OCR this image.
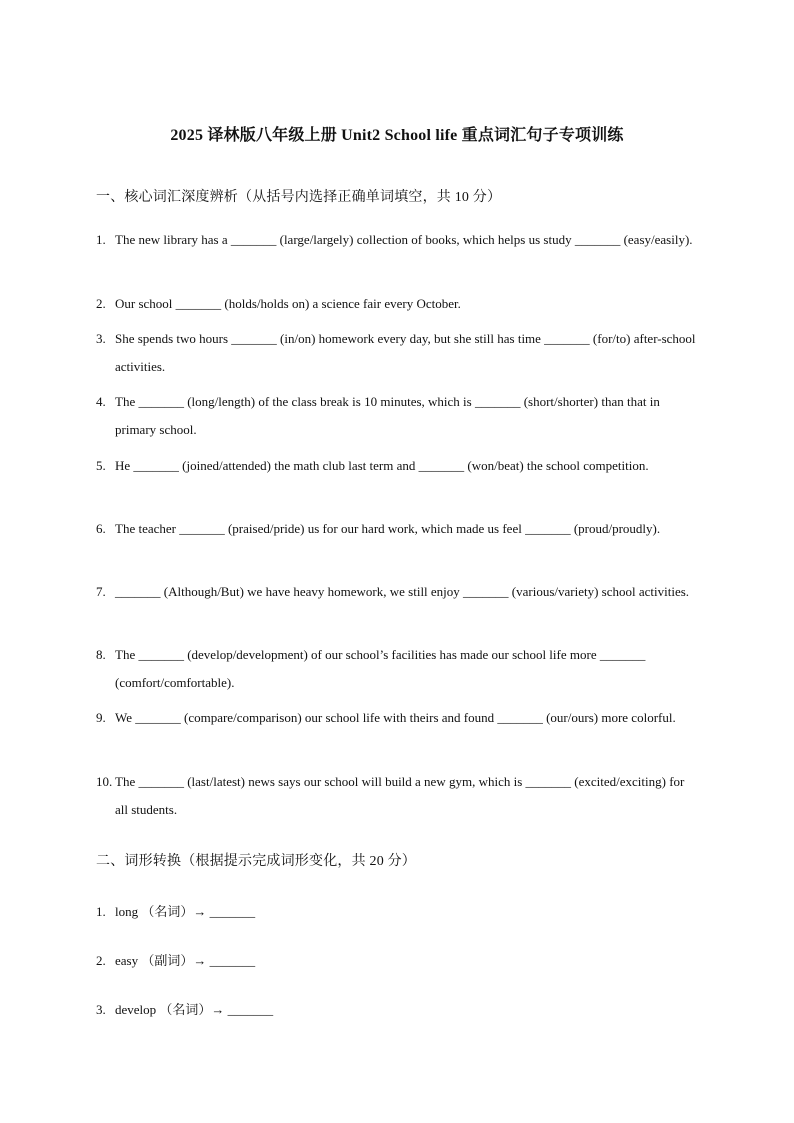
2025 译林版八年级上册 Unit2 School life 重点词汇句子专项训练
一、核心词汇深度辨析（从括号内选择正确单词填空，共 10 分）
1. The new library has a _______ (large/largely) collection of books, which helps us study _______ (easy/easily).
2. Our school _______ (holds/holds on) a science fair every October.
3. She spends two hours _______ (in/on) homework every day, but she still has time _______ (for/to) after-school activities.
4. The _______ (long/length) of the class break is 10 minutes, which is _______ (short/shorter) than that in primary school.
5. He _______ (joined/attended) the math club last term and _______ (won/beat) the school competition.
6. The teacher _______ (praised/pride) us for our hard work, which made us feel _______ (proud/proudly).
7. _______ (Although/But) we have heavy homework, we still enjoy _______ (various/variety) school activities.
8. The _______ (develop/development) of our school’s facilities has made our school life more _______ (comfort/comfortable).
9. We _______ (compare/comparison) our school life with theirs and found _______ (our/ours) more colorful.
10. The _______ (last/latest) news says our school will build a new gym, which is _______ (excited/exciting) for all students.
二、词形转换（根据提示完成词形变化，共 20 分）
1. long （名词）→ _______
2. easy （副词）→ _______
3. develop （名词）→ _______
